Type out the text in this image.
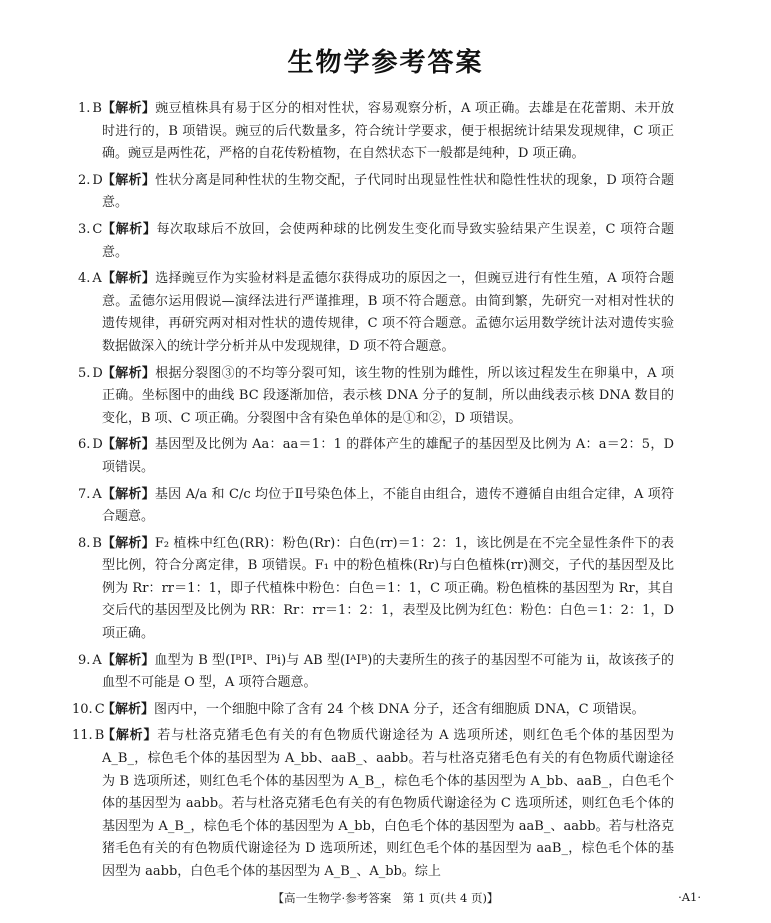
生物学参考答案
1. B 【解析】豌豆植株具有易于区分的相对性状，容易观察分析，A 项正确。去雄是在花蕾期、未开放时进行的，B 项错误。豌豆的后代数量多，符合统计学要求，便于根据统计结果发现规律，C 项正确。豌豆是两性花，严格的自花传粉植物，在自然状态下一般都是纯种，D 项正确。
2. D 【解析】性状分离是同种性状的生物交配，子代同时出现显性性状和隐性性状的现象，D 项符合题意。
3. C 【解析】每次取球后不放回，会使两种球的比例发生变化而导致实验结果产生误差，C 项符合题意。
4. A 【解析】选择豌豆作为实验材料是孟德尔获得成功的原因之一，但豌豆进行有性生殖，A 项符合题意。孟德尔运用假说—演绎法进行严谨推理，B 项不符合题意。由简到繁，先研究一对相对性状的遗传规律，再研究两对相对性状的遗传规律，C 项不符合题意。孟德尔运用数学统计法对遗传实验数据做深入的统计学分析并从中发现规律，D 项不符合题意。
5. D 【解析】根据分裂图③的不均等分裂可知，该生物的性别为雌性，所以该过程发生在卵巢中，A 项正确。坐标图中的曲线 BC 段逐渐加倍，表示核 DNA 分子的复制，所以曲线表示核 DNA 数目的变化，B 项、C 项正确。分裂图中含有染色单体的是①和②，D 项错误。
6. D 【解析】基因型及比例为 Aa：aa＝1：1 的群体产生的雄配子的基因型及比例为 A：a＝2：5，D 项错误。
7. A 【解析】基因 A/a 和 C/c 均位于Ⅱ号染色体上，不能自由组合，遗传不遵循自由组合定律，A 项符合题意。
8. B 【解析】F₂ 植株中红色(RR)：粉色(Rr)：白色(rr)＝1：2：1，该比例是在不完全显性条件下的表型比例，符合分离定律，B 项错误。F₁ 中的粉色植株(Rr)与白色植株(rr)测交，子代的基因型及比例为 Rr：rr＝1：1，即子代植株中粉色：白色＝1：1，C 项正确。粉色植株的基因型为 Rr，其自交后代的基因型及比例为 RR：Rr：rr＝1：2：1，表型及比例为红色：粉色：白色＝1：2：1，D 项正确。
9. A 【解析】血型为 B 型(IᴮIᴮ、Iᴮi)与 AB 型(IᴬIᴮ)的夫妻所生的孩子的基因型不可能为 ii，故该孩子的血型不可能是 O 型，A 项符合题意。
10. C
【解析】图丙中，一个细胞中除了含有 24 个核 DNA 分子，还含有细胞质 DNA，C 项错误。
11. B
【解析】若与杜洛克猪毛色有关的有色物质代谢途径为 A 选项所述，则红色毛个体的基因型为 A_B_，棕色毛个体的基因型为 A_bb、aaB_、aabb。若与杜洛克猪毛色有关的有色物质代谢途径为 B 选项所述，则红色毛个体的基因型为 A_B_，棕色毛个体的基因型为 A_bb、aaB_，白色毛个体的基因型为 aabb。若与杜洛克猪毛色有关的有色物质代谢途径为 C 选项所述，则红色毛个体的基因型为 A_B_，棕色毛个体的基因型为 A_bb，白色毛个体的基因型为 aaB_、aabb。若与杜洛克猪毛色有关的有色物质代谢途径为 D 选项所述，则红色毛个体的基因型为 aaB_，棕色毛个体的基因型为 aabb，白色毛个体的基因型为 A_B_、A_bb。综上
【高一生物学·参考答案　第 1 页(共 4 页)】	·A1·
